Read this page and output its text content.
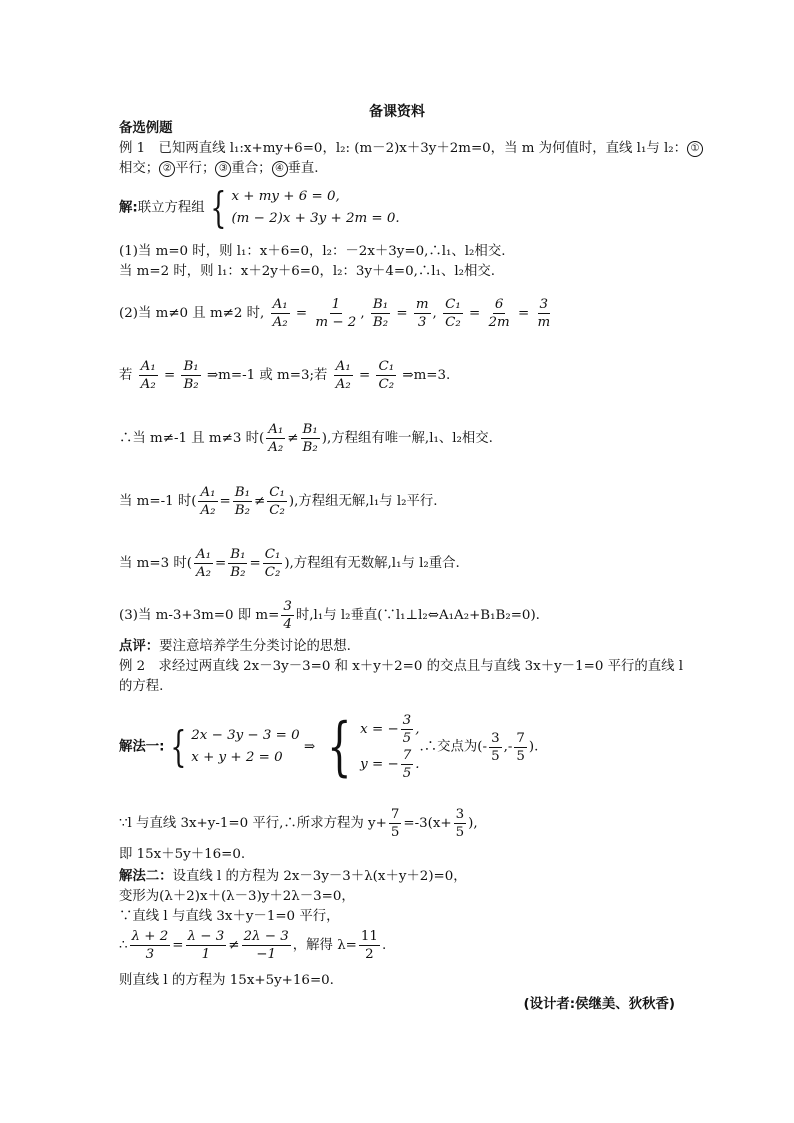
备课资料
备选例题
例 1　已知两直线 l₁:x+my+6=0，l₂: (m－2)x＋3y＋2m=0，当 m 为何值时，直线 l₁与 l₂： ①
相交； ② 平行； ③ 重合； ④ 垂直.
解:联立方程组 { x + my + 6 = 0,
(m − 2)x + 3y + 2m = 0.
(1)当 m=0 时，则 l₁：x＋6=0，l₂：－2x＋3y=0,∴l₁、l₂相交.
当 m=2 时，则 l₁：x＋2y＋6=0，l₂：3y＋4=0,∴l₁、l₂相交.
(2)当 m≠0 且 m≠2 时, $\frac{\text{A₁}}{\text{A₂}} = \frac{1}{m - 2}$ , $\frac{\text{B₁}}{\text{B₂}} = \frac{m}{3}$ , $\frac{\text{C₁}}{\text{C₂}} = \frac{6}{2m} = \frac{3}{m}$
若 $\frac{\text{A₁}}{\text{A₂}} = \frac{\text{B₁}}{\text{B₂}}$ ⇒m=-1 或 m=3;若 $\frac{\text{A₁}}{\text{A₂}} = \frac{\text{C₁}}{\text{C₂}}$ ⇒m=3.
∴当 m≠-1 且 m≠3 时( $\frac{\text{A₁}}{\text{A₂}} \ne \frac{\text{B₁}}{\text{B₂}}$ ),方程组有唯一解,l₁、l₂相交.
当 m=-1 时( $\frac{\text{A₁}}{\text{A₂}} = \frac{\text{B₁}}{\text{B₂}} \ne \frac{\text{C₁}}{\text{C₂}}$ ),方程组无解,l₁与 l₂平行.
当 m=3 时( $\frac{\text{A₁}}{\text{A₂}} = \frac{\text{B₁}}{\text{B₂}} = \frac{\text{C₁}}{\text{C₂}}$ ),方程组有无数解,l₁与 l₂重合.
(3)当 m-3+3m=0 即 $m= \frac{3}{4}$ 时,l₁与 l₂垂直(∵l₁⊥l₂⇔A₁A₂+B₁B₂=0).
点评：要注意培养学生分类讨论的思想.
例 2　求经过两直线 2x－3y－3=0 和 x＋y＋2=0 的交点且与直线 3x＋y－1=0 平行的直线 l
的方程.
解法一: { 2x − 3y − 3 = 0
x + y + 2 = 0 ⇒ { x = − $\frac{3}{5}$ ,
y = − $\frac{7}{5}$ ..∴交点为(- $\frac{3}{5}$ ,- $\frac{7}{5}$ ).
∵l 与直线 3x+y-1=0 平行,∴所求方程为 $y+ \frac{7}{5} =-3(x+ \frac{3}{5}$ ),
即 15x＋5y＋16=0.
解法二：设直线 l 的方程为 2x－3y－3＋λ(x＋y＋2)=0，
变形为(λ＋2)x＋(λ－3)y＋2λ－3=0，
∵直线 l 与直线 3x＋y－1=0 平行，
∴ $\frac{\lambda + 2}{3} = \frac{\lambda - 3}{1} \ne \frac{2\lambda - 3}{-1}$ ，解得 $\lambda= \frac{11}{2}$ .
则直线 l 的方程为 15x+5y+16=0.
(设计者:侯继美、狄秋香)
